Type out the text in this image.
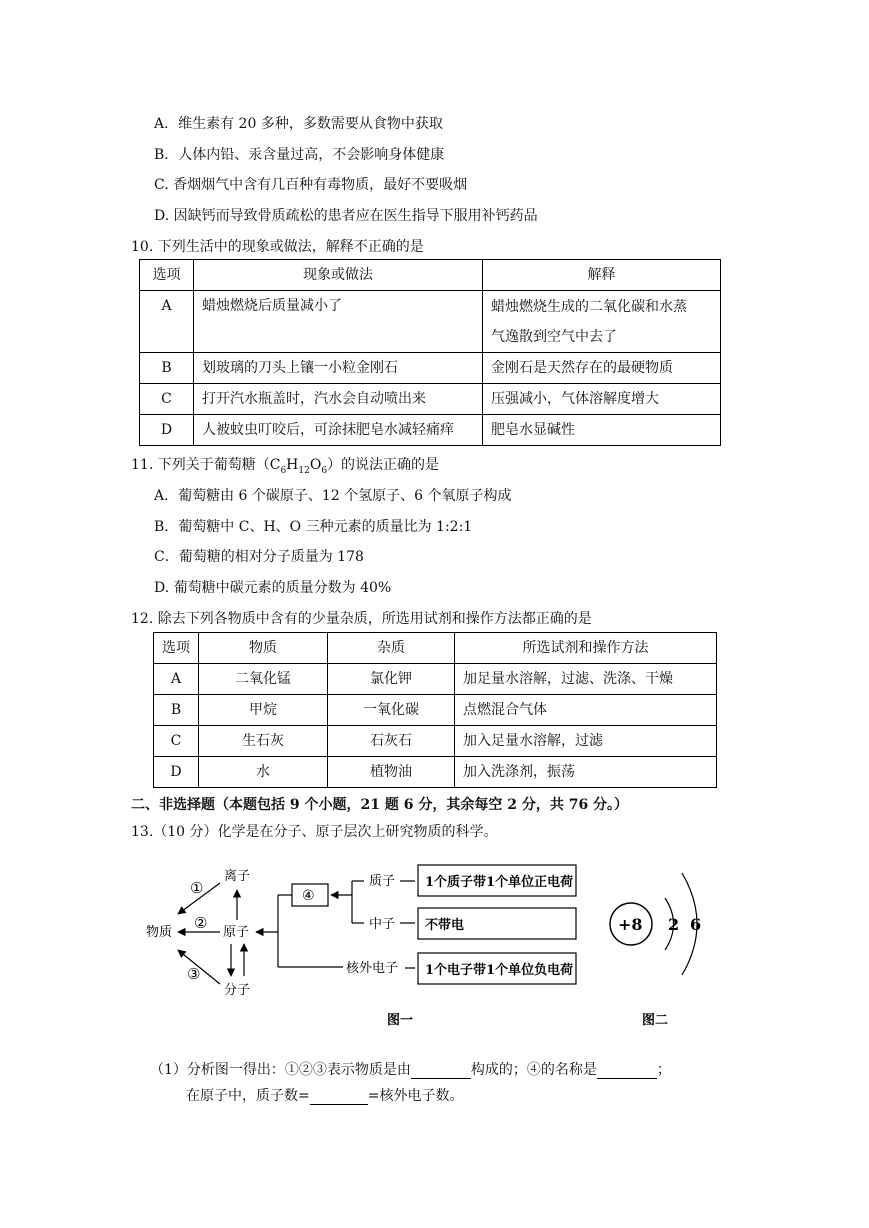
A．维生素有 20 多种，多数需要从食物中获取
B．人体内铅、汞含量过高，不会影响身体健康
C. 香烟烟气中含有几百种有毒物质，最好不要吸烟
D. 因缺钙而导致骨质疏松的患者应在医生指导下服用补钙药品
10. 下列生活中的现象或做法，解释不正确的是
选项	现象或做法	解释
A	蜡烛燃烧后质量减小了	蜡烛燃烧生成的二氧化碳和水蒸
气逸散到空气中去了

B	划玻璃的刀头上镶一小粒金刚石	金刚石是天然存在的最硬物质
C	打开汽水瓶盖时，汽水会自动喷出来	压强减小，气体溶解度增大
D	人被蚊虫叮咬后，可涂抹肥皂水减轻痛痒	肥皂水显碱性
11. 下列关于葡萄糖$(C_6H_{12}O_6)$的说法正确的是
A．葡萄糖由 6 个碳原子、12 个氢原子、6 个氧原子构成
B．葡萄糖中 C、H、O 三种元素的质量比为 1:2:1
C．葡萄糖的相对分子质量为 178
D. 葡萄糖中碳元素的质量分数为 40%
12. 除去下列各物质中含有的少量杂质，所选用试剂和操作方法都正确的是
选项	物质	杂质	所选试剂和操作方法
A	二氧化锰	氯化钾	加足量水溶解，过滤、洗涤、干燥
B	甲烷	一氧化碳	点燃混合气体
C	生石灰	石灰石	加入足量水溶解，过滤
D	水	植物油	加入洗涤剂，振荡
二、非选择题（本题包括 9 个小题，21 题 6 分，其余每空 2 分，共 76 分。）
13.（10 分）化学是在分子、原子层次上研究物质的科学。
离子
原子
分子
物质
①
②
③
④
质子
中子
核外电子
1个质子带1个单位正电荷
不带电
1个电子带1个单位负电荷
图一
+8 2 6
图二
（1）分析图一得出：①②③表示物质是由	构成的；④的名称是	；
在原子中，质子数=	=核外电子数。
